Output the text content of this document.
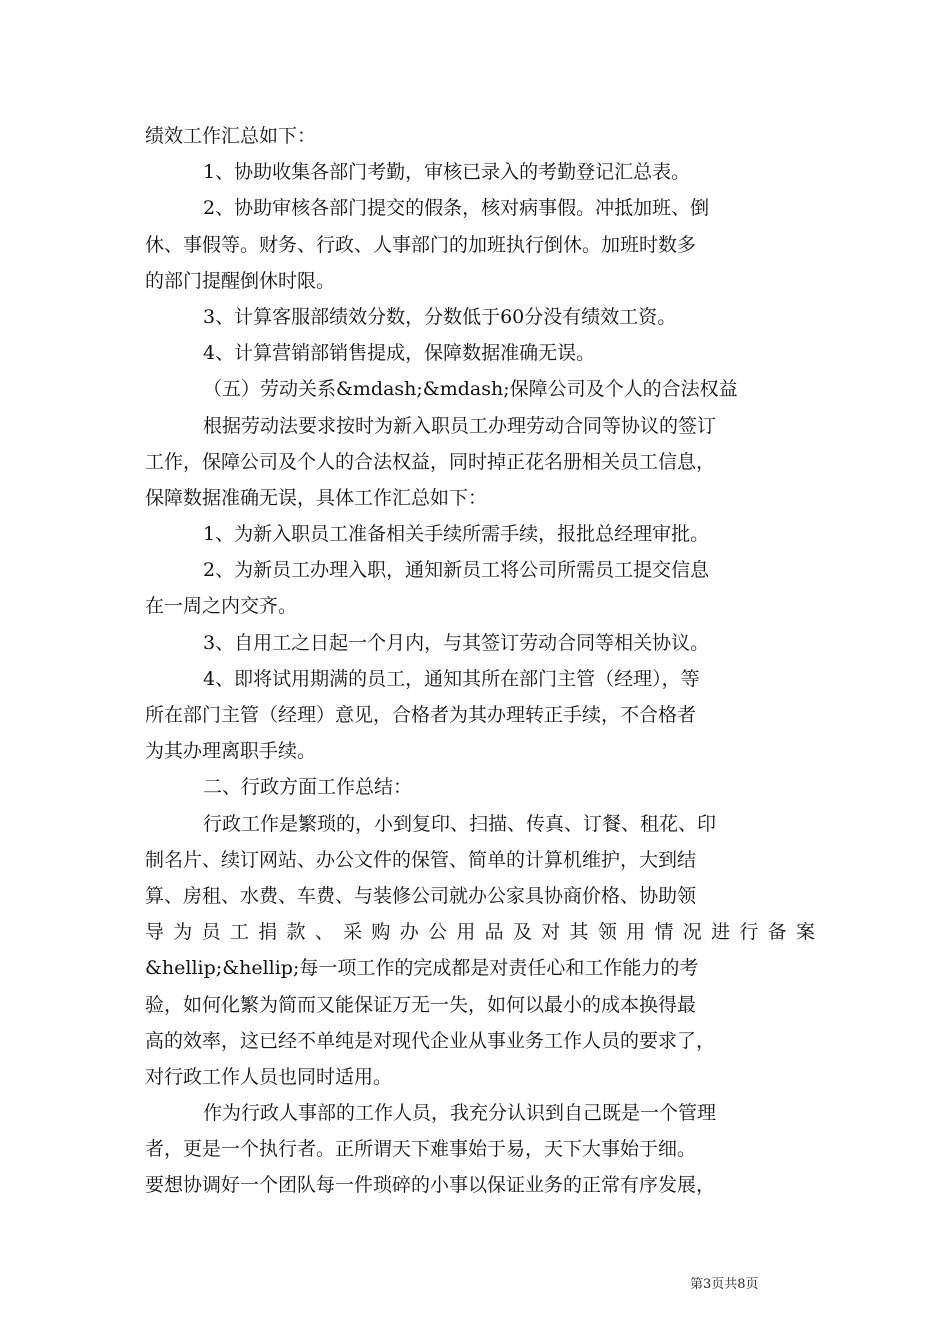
绩效工作汇总如下：
1、协助收集各部门考勤，审核已录入的考勤登记汇总表。
2、协助审核各部门提交的假条，核对病事假。冲抵加班、倒
休、事假等。财务、行政、人事部门的加班执行倒休。加班时数多
的部门提醒倒休时限。
3、计算客服部绩效分数，分数低于60分没有绩效工资。
4、计算营销部销售提成，保障数据准确无误。
（五）劳动关系&mdash;&mdash;保障公司及个人的合法权益
根据劳动法要求按时为新入职员工办理劳动合同等协议的签订
工作，保障公司及个人的合法权益，同时掉正花名册相关员工信息，
保障数据准确无误，具体工作汇总如下：
1、为新入职员工准备相关手续所需手续，报批总经理审批。
2、为新员工办理入职，通知新员工将公司所需员工提交信息
在一周之内交齐。
3、自用工之日起一个月内，与其签订劳动合同等相关协议。
4、即将试用期满的员工，通知其所在部门主管（经理），等
所在部门主管（经理）意见，合格者为其办理转正手续，不合格者
为其办理离职手续。
二、行政方面工作总结：
行政工作是繁琐的，小到复印、扫描、传真、订餐、租花、印
制名片、续订网站、办公文件的保管、简单的计算机维护，大到结
算、房租、水费、车费、与装修公司就办公家具协商价格、协助领
导为员工捐款、采购办公用品及对其领用情况进行备案
&hellip;&hellip;每一项工作的完成都是对责任心和工作能力的考
验，如何化繁为简而又能保证万无一失，如何以最小的成本换得最
高的效率，这已经不单纯是对现代企业从事业务工作人员的要求了，
对行政工作人员也同时适用。
作为行政人事部的工作人员，我充分认识到自己既是一个管理
者，更是一个执行者。正所谓天下难事始于易，天下大事始于细。
要想协调好一个团队每一件琐碎的小事以保证业务的正常有序发展，
第3页共8页
